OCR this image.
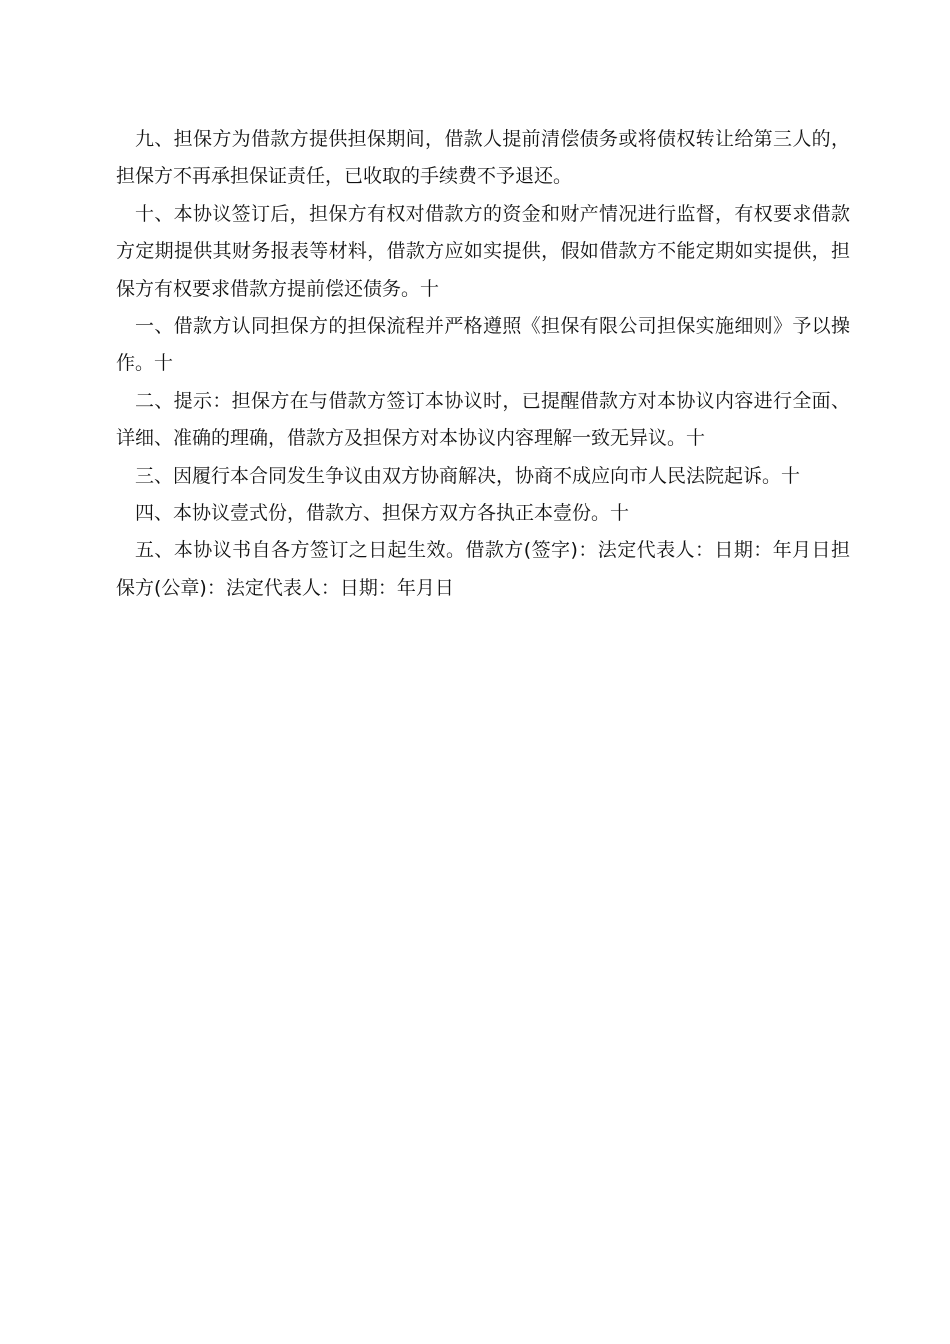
九、担保方为借款方提供担保期间，借款人提前清偿债务或将债权转让给第三人的，担保方不再承担保证责任，已收取的手续费不予退还。

十、本协议签订后，担保方有权对借款方的资金和财产情况进行监督，有权要求借款方定期提供其财务报表等材料，借款方应如实提供，假如借款方不能定期如实提供，担保方有权要求借款方提前偿还债务。十

一、借款方认同担保方的担保流程并严格遵照《担保有限公司担保实施细则》予以操作。十

二、提示：担保方在与借款方签订本协议时，已提醒借款方对本协议内容进行全面、详细、准确的理确，借款方及担保方对本协议内容理解一致无异议。十

三、因履行本合同发生争议由双方协商解决，协商不成应向市人民法院起诉。十

四、本协议壹式份，借款方、担保方双方各执正本壹份。十

五、本协议书自各方签订之日起生效。借款方(签字)：法定代表人：日期：年月日担保方(公章)：法定代表人：日期：年月日
